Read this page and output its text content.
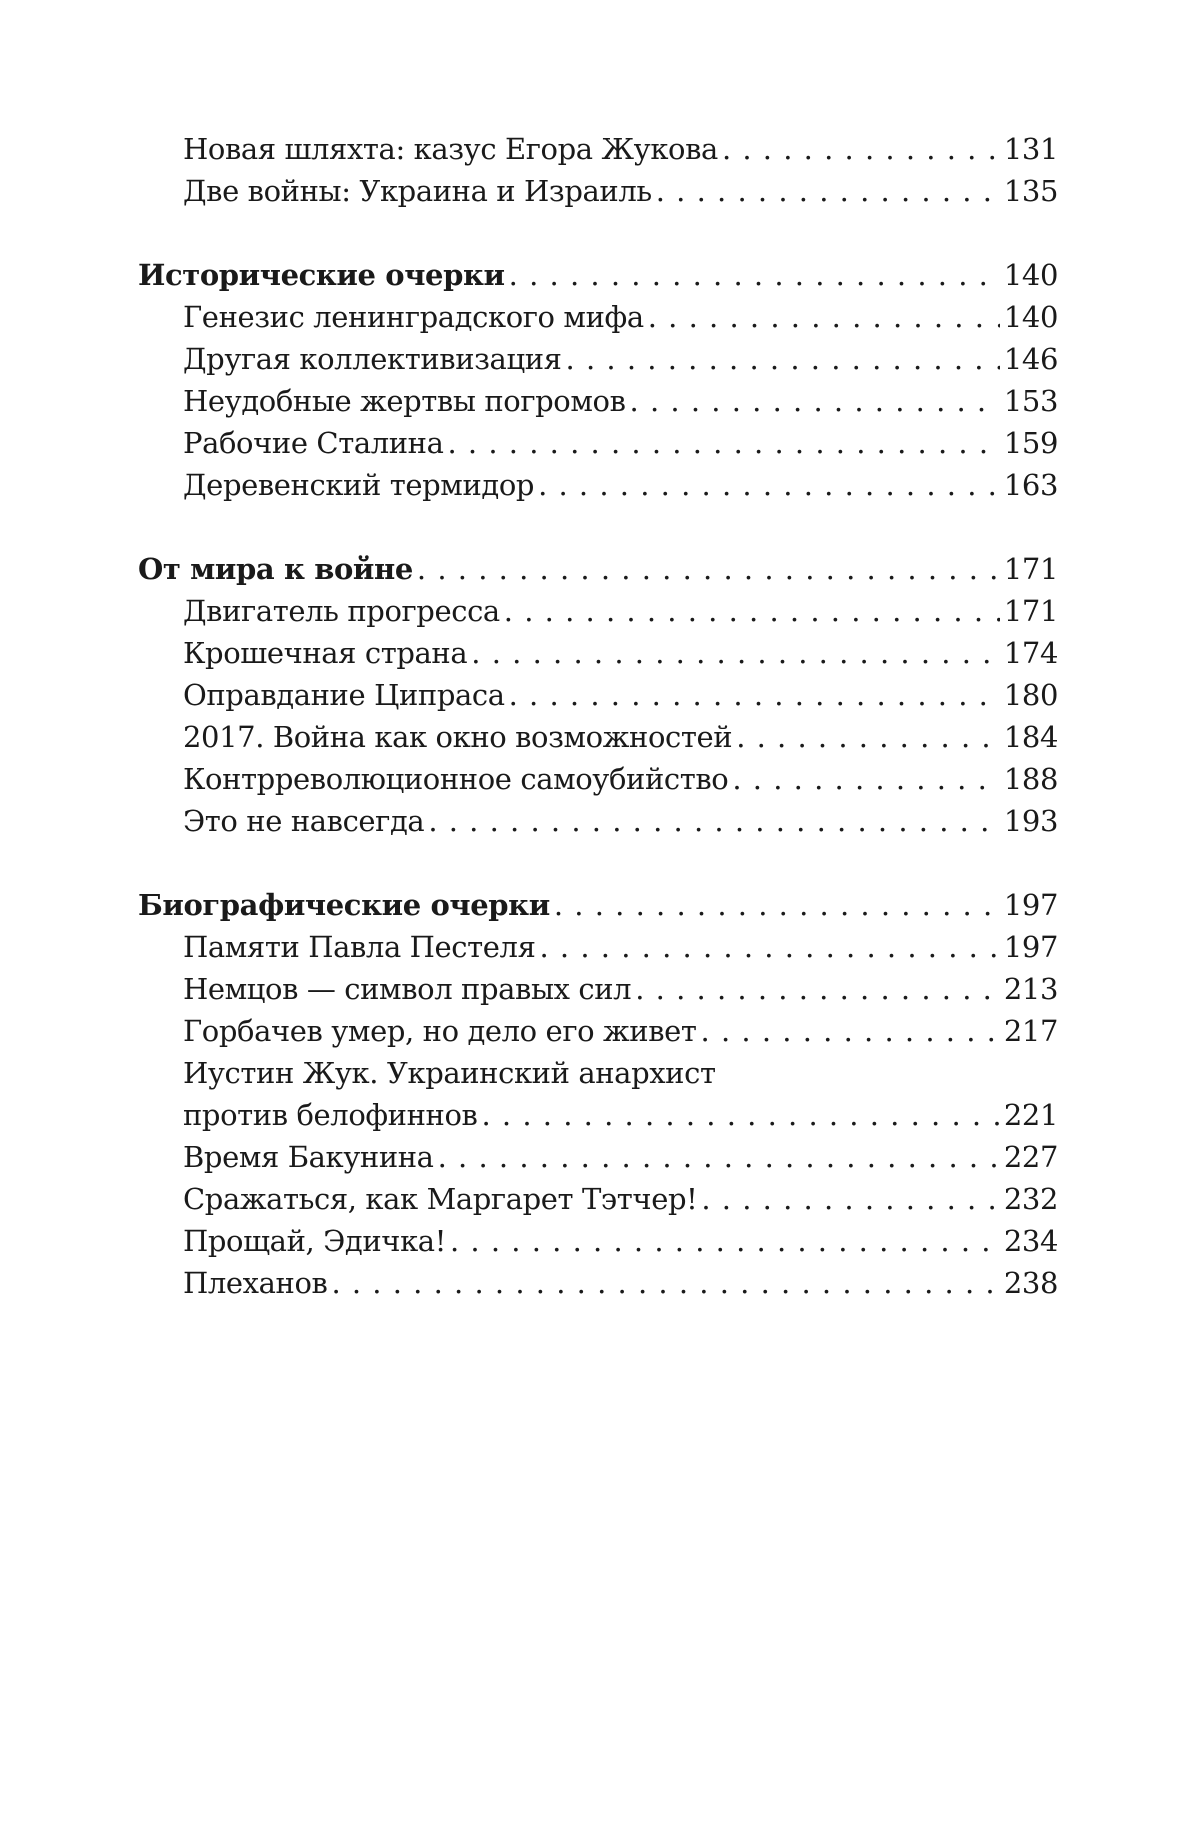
Новая шляхта: казус Егора Жукова . . .	131
Две войны: Украина и Израиль . . .	135
Исторические очерки . . .	140
Генезис ленинградского мифа . . .	140
Другая коллективизация . . .	146
Неудобные жертвы погромов . . .	153
Рабочие Сталина . . .	159
Деревенский термидор . . .	163
От мира к войне . . .	171
Двигатель прогресса . . .	171
Крошечная страна . . .	174
Оправдание Ципраса . . .	180
2017. Война как окно возможностей . . .	184
Контрреволюционное самоубийство . . .	188
Это не навсегда . . .	193
Биографические очерки . . .	197
Памяти Павла Пестеля . . .	197
Немцов — символ правых сил . . .	213
Горбачев умер, но дело его живет . . .	217
Иустин Жук. Украинский анархист
против белофиннов . . .	221
Время Бакунина . . .	227
Сражаться, как Маргарет Тэтчер! . . .	232
Прощай, Эдичка! . . .	234
Плеханов . . .	238
